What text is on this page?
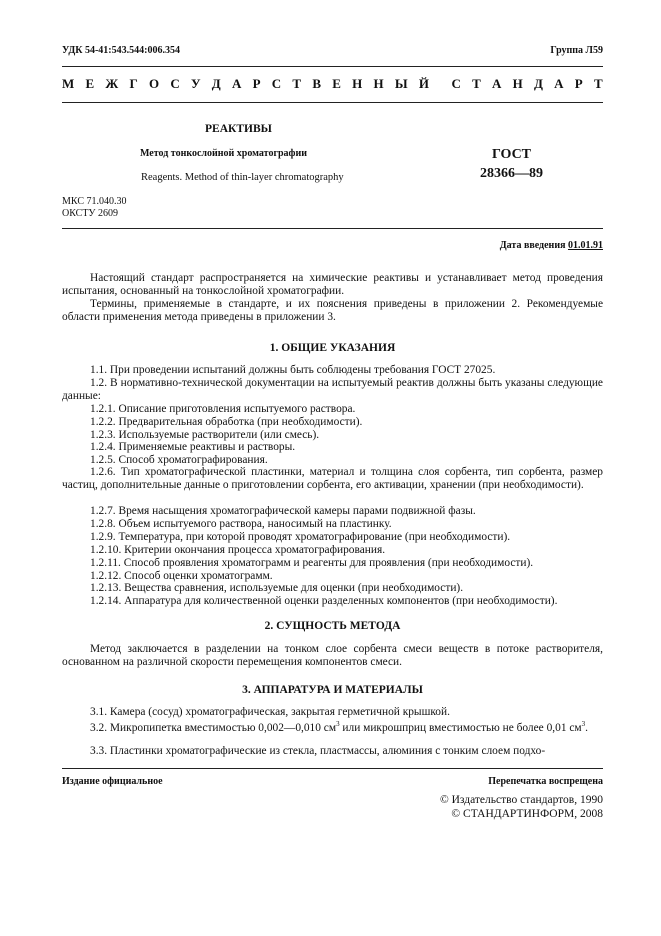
УДК 54-41:543.544:006.354	Группа Л59
М Е Ж Г О С У Д А Р С Т В Е Н Н Ы Й С Т А Н Д А Р Т
РЕАКТИВЫ
Метод тонкослойной хроматографии
Reagents. Method of thin-layer chromatography
ГОСТ
28366—89
МКС 71.040.30
ОКСТУ 2609
Дата введения 01.01.91

Настоящий стандарт распространяется на химические реактивы и устанавливает метод проведения испытания, основанный на тонкослойной хроматографии.

Термины, применяемые в стандарте, и их пояснения приведены в приложении 2. Рекомендуемые области применения метода приведены в приложении 3.

1. ОБЩИЕ УКАЗАНИЯ

1.1. При проведении испытаний должны быть соблюдены требования ГОСТ 27025.

1.2. В нормативно-технической документации на испытуемый реактив должны быть указаны следующие данные:

1.2.1. Описание приготовления испытуемого раствора.

1.2.2. Предварительная обработка (при необходимости).

1.2.3. Используемые растворители (или смесь).

1.2.4. Применяемые реактивы и растворы.

1.2.5. Способ хроматографирования.

1.2.6. Тип хроматографической пластинки, материал и толщина слоя сорбента, тип сорбента, размер частиц, дополнительные данные о приготовлении сорбента, его активации, хранении (при необходимости).

1.2.7. Время насыщения хроматографической камеры парами подвижной фазы.

1.2.8. Объем испытуемого раствора, наносимый на пластинку.

1.2.9. Температура, при которой проводят хроматографирование (при необходимости).

1.2.10. Критерии окончания процесса хроматографирования.

1.2.11. Способ проявления хроматограмм и реагенты для проявления (при необходимости).

1.2.12. Способ оценки хроматограмм.

1.2.13. Вещества сравнения, используемые для оценки (при необходимости).

1.2.14. Аппаратура для количественной оценки разделенных компонентов (при необходимости).

2. СУЩНОСТЬ МЕТОДА

Метод заключается в разделении на тонком слое сорбента смеси веществ в потоке растворителя, основанном на различной скорости перемещения компонентов смеси.

3. АППАРАТУРА И МАТЕРИАЛЫ

3.1. Камера (сосуд) хроматографическая, закрытая герметичной крышкой.

3.2. Микропипетка вместимостью 0,002—0,010 $см^3$ или микрошприц вместимостью не более 0,01 $см^3$.

3.3. Пластинки хроматографические из стекла, пластмассы, алюминия с тонким слоем подхо-

Издание официальное	Перепечатка воспрещена
© Издательство стандартов, 1990
© СТАНДАРТИНФОРМ, 2008
